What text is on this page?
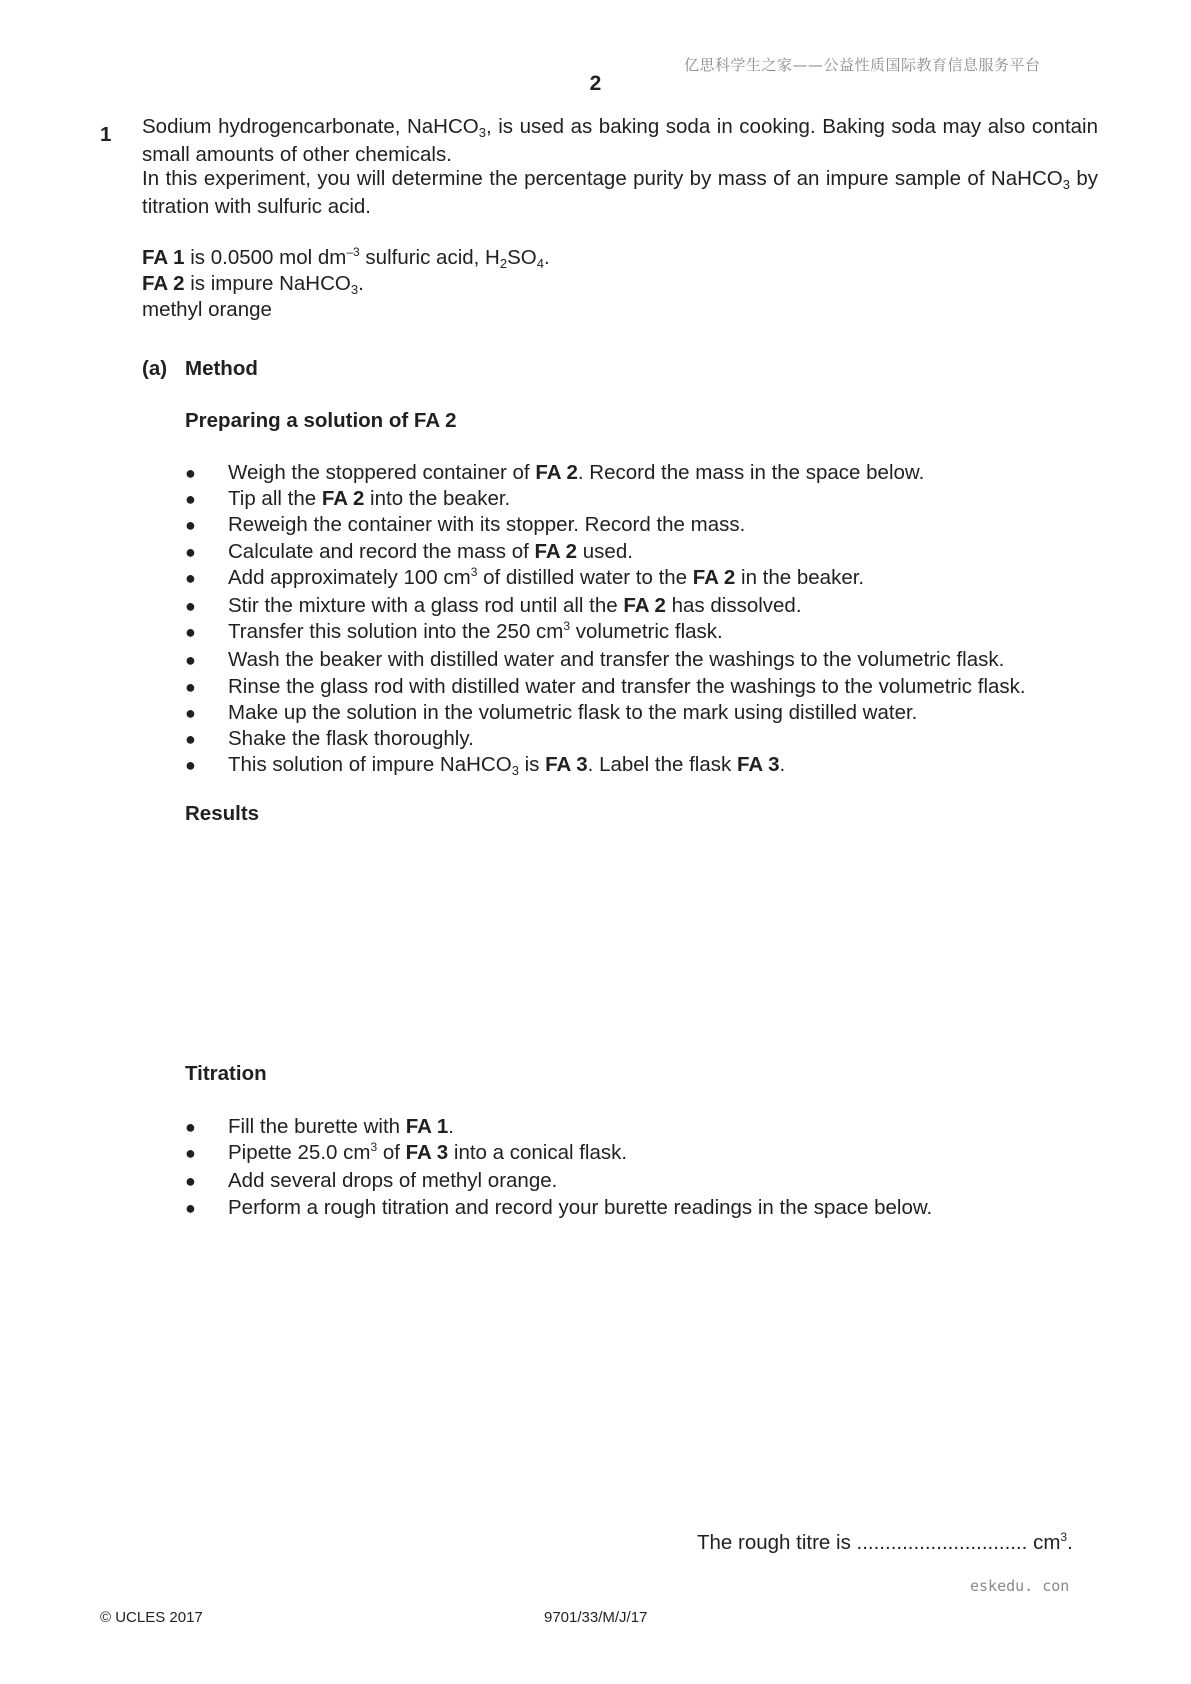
亿思科学生之家——公益性质国际教育信息服务平台
2
1 Sodium hydrogencarbonate, NaHCO3, is used as baking soda in cooking. Baking soda may also contain small amounts of other chemicals.
In this experiment, you will determine the percentage purity by mass of an impure sample of NaHCO3 by titration with sulfuric acid.
FA 1 is 0.0500 mol $dm^{-3}$ sulfuric acid, H2SO4.
FA 2 is impure NaHCO3.
methyl orange
(a) Method
Preparing a solution of FA 2
● Weigh the stoppered container of FA 2. Record the mass in the space below.
● Tip all the FA 2 into the beaker.
● Reweigh the container with its stopper. Record the mass.
● Calculate and record the mass of FA 2 used.
● Add approximately 100 $cm^3$ of distilled water to the FA 2 in the beaker.
● Stir the mixture with a glass rod until all the FA 2 has dissolved.
● Transfer this solution into the 250 $cm^3$ volumetric flask.
● Wash the beaker with distilled water and transfer the washings to the volumetric flask.
● Rinse the glass rod with distilled water and transfer the washings to the volumetric flask.
● Make up the solution in the volumetric flask to the mark using distilled water.
● Shake the flask thoroughly.
● This solution of impure NaHCO3 is FA 3. Label the flask FA 3.
Results
Titration
● Fill the burette with FA 1.
● Pipette 25.0 $cm^3$ of FA 3 into a conical flask.
● Add several drops of methyl orange.
● Perform a rough titration and record your burette readings in the space below.
The rough titre is .............................. $cm^3$.
eskedu. con
© UCLES 2017	9701/33/M/J/17
